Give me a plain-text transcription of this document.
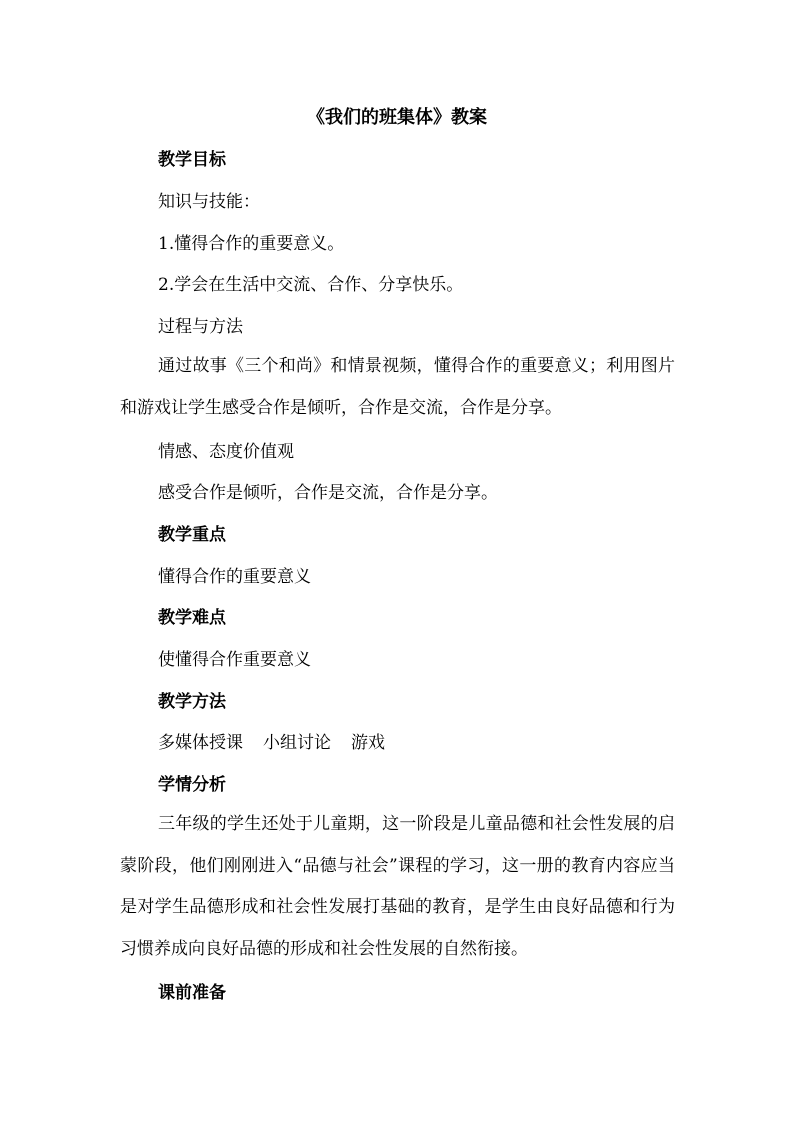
《我们的班集体》教案
教学目标
知识与技能：
1.懂得合作的重要意义。
2.学会在生活中交流、合作、分享快乐。
过程与方法
通过故事《三个和尚》和情景视频，懂得合作的重要意义；利用图片和游戏让学生感受合作是倾听，合作是交流，合作是分享。
情感、态度价值观
感受合作是倾听，合作是交流，合作是分享。
教学重点
懂得合作的重要意义
教学难点
使懂得合作重要意义
教学方法
多媒体授课 小组讨论 游戏
学情分析
三年级的学生还处于儿童期，这一阶段是儿童品德和社会性发展的启蒙阶段，他们刚刚进入“品德与社会”课程的学习，这一册的教育内容应当是对学生品德形成和社会性发展打基础的教育，是学生由良好品德和行为习惯养成向良好品德的形成和社会性发展的自然衔接。
课前准备
